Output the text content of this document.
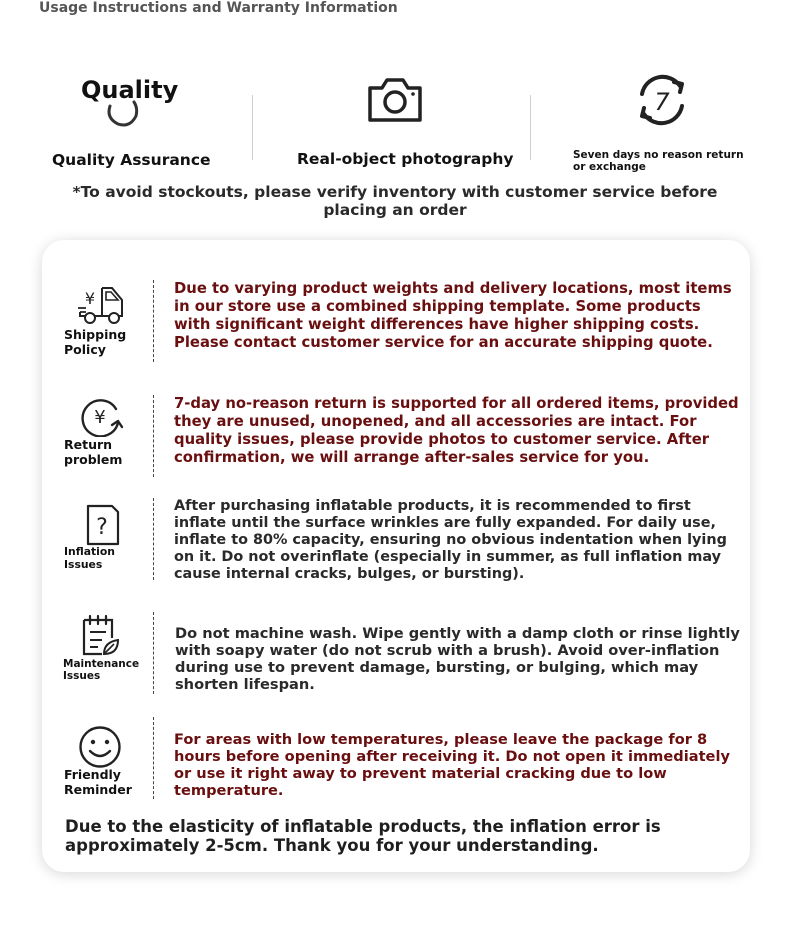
Usage Instructions and Warranty Information
Quality
Quality Assurance	Real-object photography
7
Seven days no reason return or exchange
*To avoid stockouts, please verify inventory with customer service before placing an order
¥
Shipping Policy
Due to varying product weights and delivery locations, most items in our store use a combined shipping template. Some products with significant weight differences have higher shipping costs. Please contact customer service for an accurate shipping quote.
¥
Return problem
7-day no-reason return is supported for all ordered items, provided they are unused, unopened, and all accessories are intact. For quality issues, please provide photos to customer service. After confirmation, we will arrange after-sales service for you.
?
Inflation Issues
After purchasing inflatable products, it is recommended to first inflate until the surface wrinkles are fully expanded. For daily use, inflate to 80% capacity, ensuring no obvious indentation when lying on it. Do not overinflate (especially in summer, as full inflation may cause internal cracks, bulges, or bursting).
Maintenance Issues
Do not machine wash. Wipe gently with a damp cloth or rinse lightly with soapy water (do not scrub with a brush). Avoid over-inflation during use to prevent damage, bursting, or bulging, which may shorten lifespan.
Friendly Reminder
For areas with low temperatures, please leave the package for 8 hours before opening after receiving it. Do not open it immediately or use it right away to prevent material cracking due to low temperature.
Due to the elasticity of inflatable products, the inflation error is approximately 2-5cm. Thank you for your understanding.
